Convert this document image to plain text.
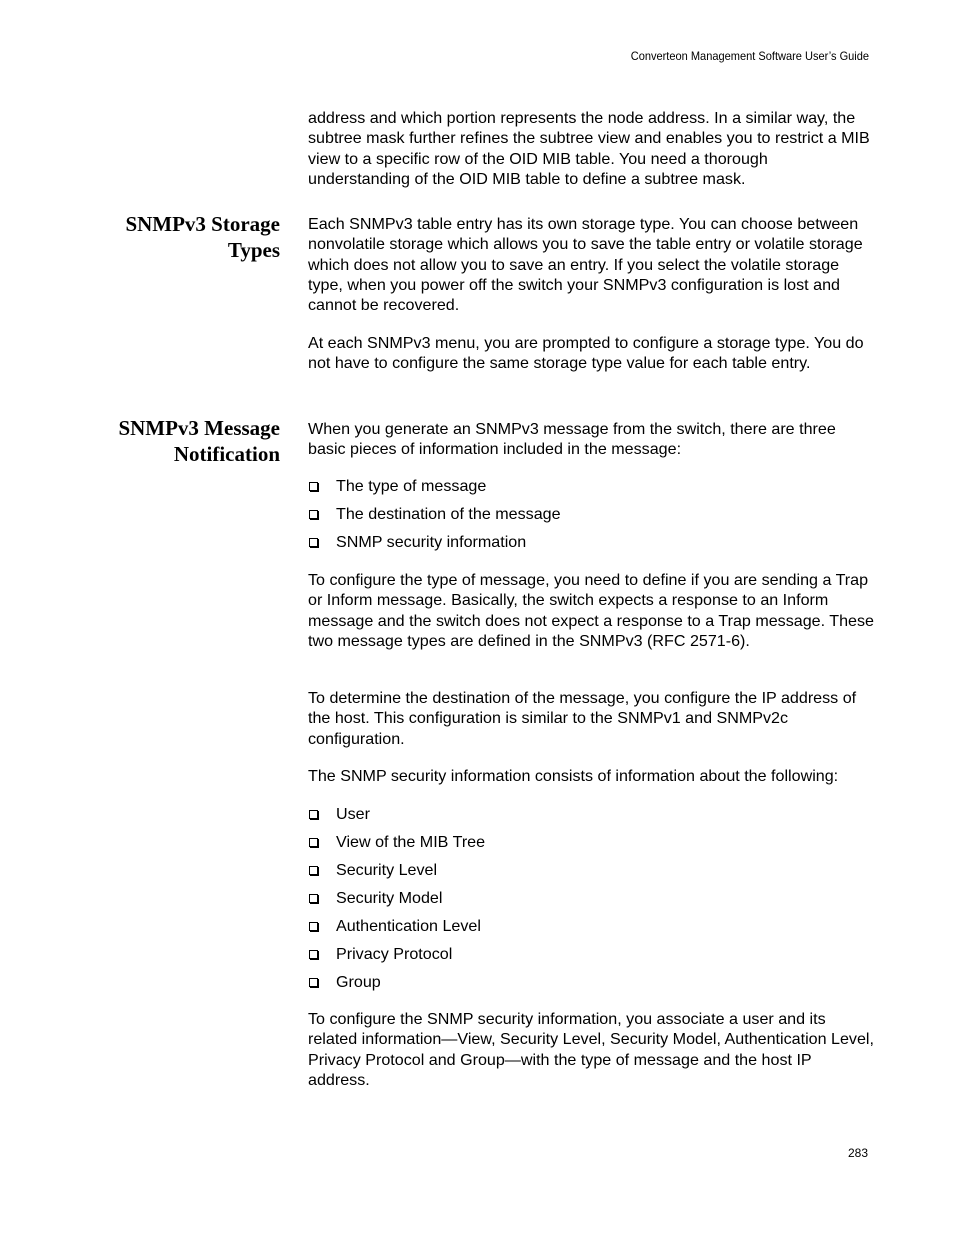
Converteon Management Software User’s Guide

address and which portion represents the node address. In a similar way, the subtree mask further refines the subtree view and enables you to restrict a MIB view to a specific row of the OID MIB table. You need a thorough understanding of the OID MIB table to define a subtree mask.

SNMPv3 Storage
Types

Each SNMPv3 table entry has its own storage type. You can choose between nonvolatile storage which allows you to save the table entry or volatile storage which does not allow you to save an entry. If you select the volatile storage type, when you power off the switch your SNMPv3 configuration is lost and cannot be recovered.

At each SNMPv3 menu, you are prompted to configure a storage type. You do not have to configure the same storage type value for each table entry.

SNMPv3 Message
Notification

When you generate an SNMPv3 message from the switch, there are three basic pieces of information included in the message:

The type of message
The destination of the message
SNMP security information

To configure the type of message, you need to define if you are sending a Trap or Inform message. Basically, the switch expects a response to an Inform message and the switch does not expect a response to a Trap message. These two message types are defined in the SNMPv3 (RFC 2571-6).

To determine the destination of the message, you configure the IP address of the host. This configuration is similar to the SNMPv1 and SNMPv2c configuration.

The SNMP security information consists of information about the following:

User
View of the MIB Tree
Security Level
Security Model
Authentication Level
Privacy Protocol
Group

To configure the SNMP security information, you associate a user and its related information—View, Security Level, Security Model, Authentication Level, Privacy Protocol and Group—with the type of message and the host IP address.

283
